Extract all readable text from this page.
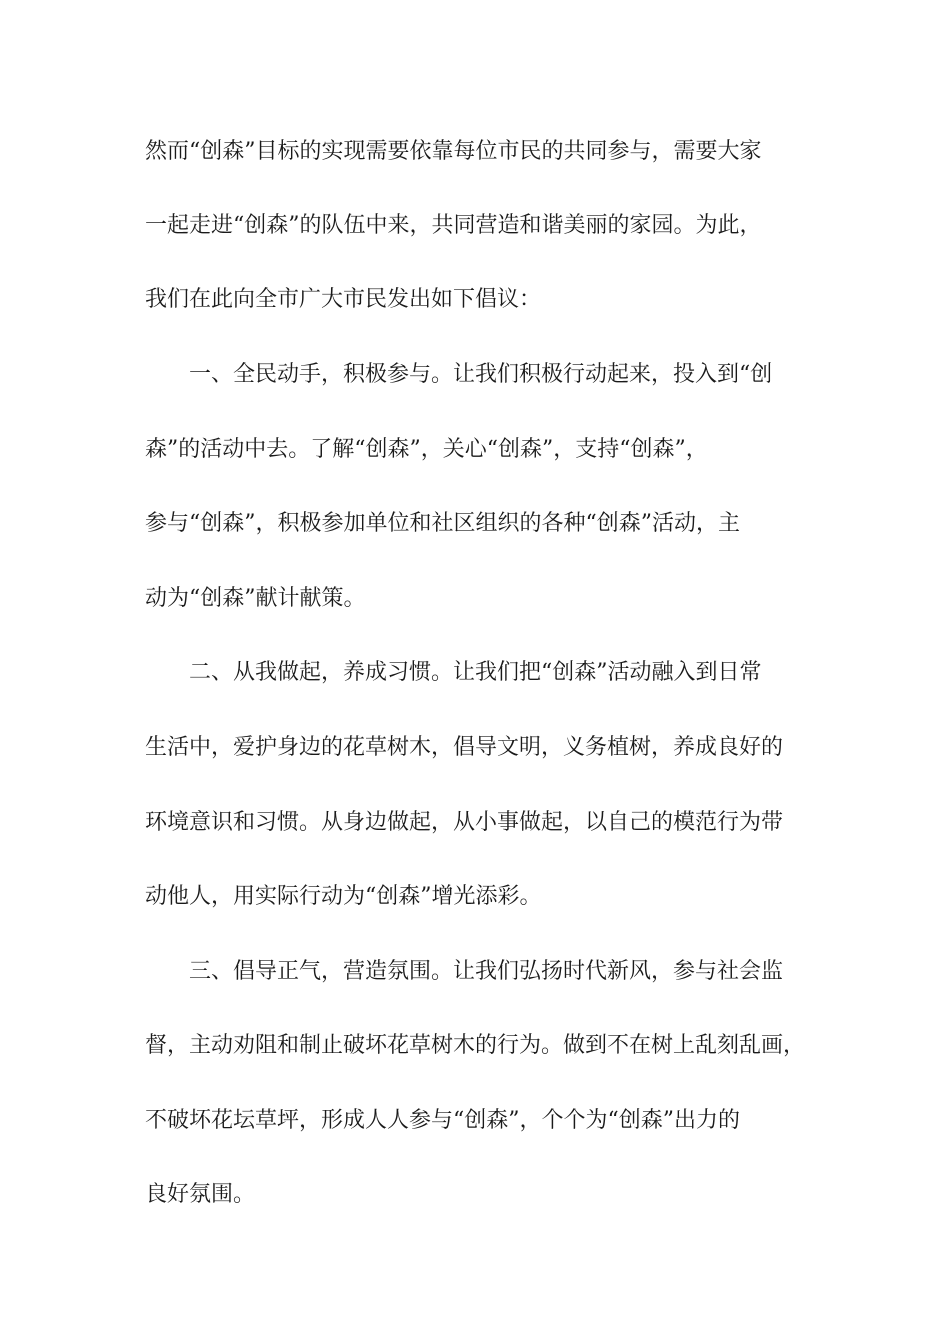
然而“创森”目标的实现需要依靠每位市民的共同参与，需要大家

一起走进“创森”的队伍中来，共同营造和谐美丽的家园。为此，

我们在此向全市广大市民发出如下倡议：

一、全民动手，积极参与。让我们积极行动起来，投入到“创

森”的活动中去。了解“创森”，关心“创森”，支持“创森”，

参与“创森”，积极参加单位和社区组织的各种“创森”活动，主

动为“创森”献计献策。

二、从我做起，养成习惯。让我们把“创森”活动融入到日常

生活中，爱护身边的花草树木，倡导文明，义务植树，养成良好的

环境意识和习惯。从身边做起，从小事做起，以自己的模范行为带

动他人，用实际行动为“创森”增光添彩。

三、倡导正气，营造氛围。让我们弘扬时代新风，参与社会监

督，主动劝阻和制止破坏花草树木的行为。做到不在树上乱刻乱画，

不破坏花坛草坪，形成人人参与“创森”，个个为“创森”出力的

良好氛围。
